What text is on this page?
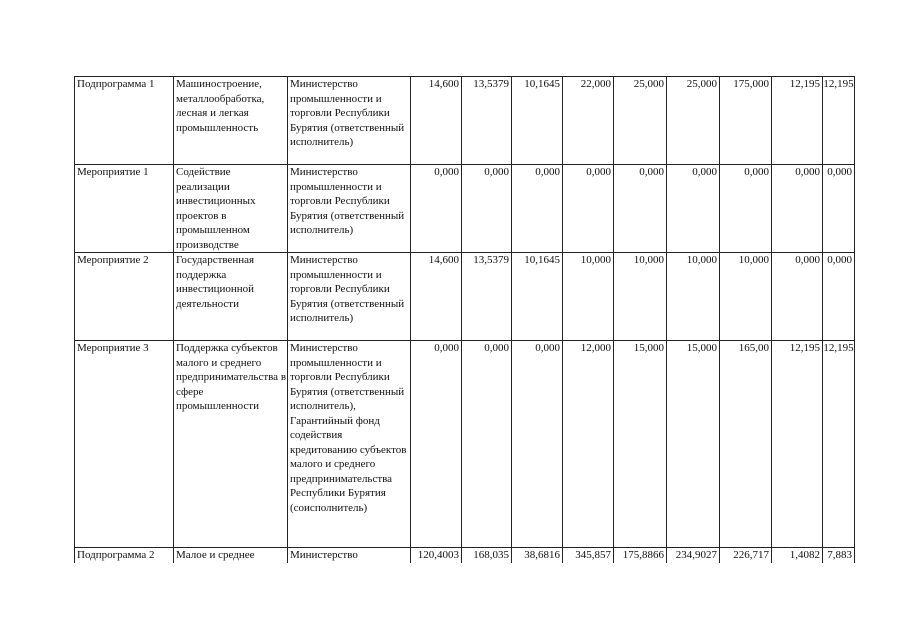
Подпрограмма 1	Машиностроение, металлообработка, лесная и легкая промышленность	Министерство промышленности и торговли Республики Бурятия (ответственный исполнитель)	14,600	13,5379	10,1645	22,000	25,000	25,000	175,000	12,195	12,195
Мероприятие 1	Содействие реализации инвестиционных проектов в промышленном производстве	Министерство промышленности и торговли Республики Бурятия (ответственный исполнитель)	0,000	0,000	0,000	0,000	0,000	0,000	0,000	0,000	0,000
Мероприятие 2	Государственная поддержка инвестиционной деятельности	Министерство промышленности и торговли Республики Бурятия (ответственный исполнитель)	14,600	13,5379	10,1645	10,000	10,000	10,000	10,000	0,000	0,000
Мероприятие 3	Поддержка субъектов малого и среднего предпринимательства в сфере промышленности	Министерство промышленности и торговли Республики Бурятия (ответственный исполнитель), Гарантийный фонд содействия кредитованию субъектов малого и среднего предпринимательства Республики Бурятия (соисполнитель)	0,000	0,000	0,000	12,000	15,000	15,000	165,00	12,195	12,195
Подпрограмма 2	Малое и среднее	Министерство	120,4003	168,035	38,6816	345,857	175,8866	234,9027	226,717	1,4082	7,883
